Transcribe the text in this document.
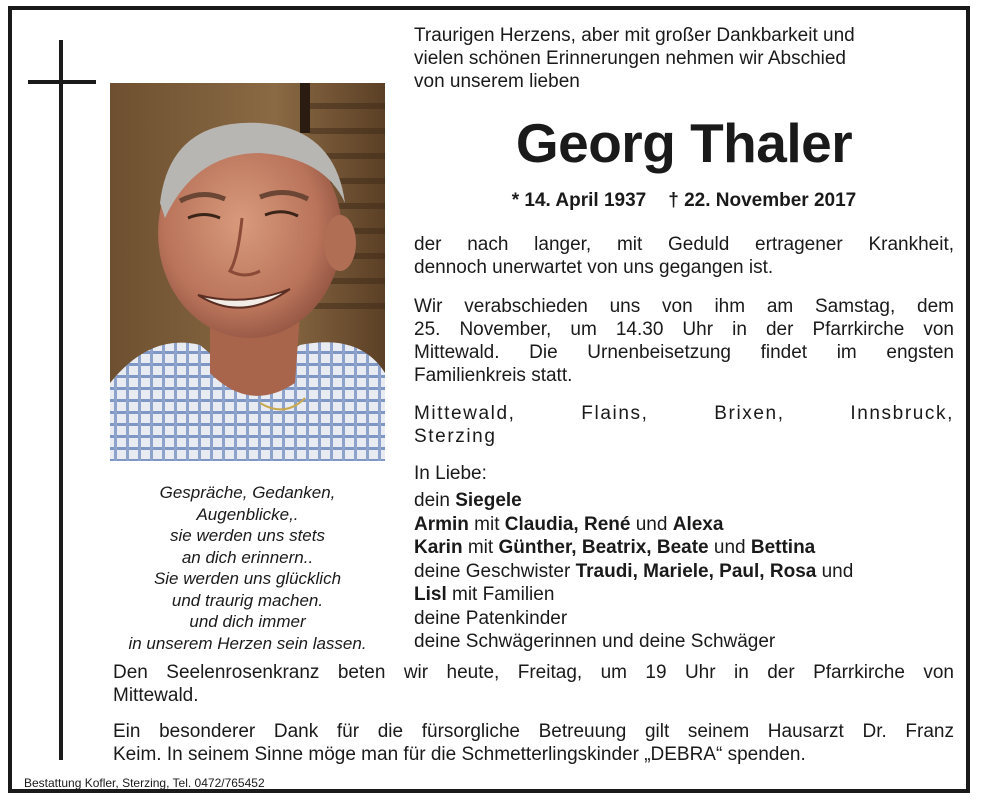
Gespräche, Gedanken,
Augenblicke,.
sie werden uns stets
an dich erinnern..
Sie werden uns glücklich
und traurig machen.
und dich immer
in unserem Herzen sein lassen.
Traurigen Herzens, aber mit großer Dankbarkeit und
vielen schönen Erinnerungen nehmen wir Abschied
von unserem lieben
Georg Thaler
* 14. April 1937 † 22. November 2017
der nach langer, mit Geduld ertragener Krankheit,
dennoch unerwartet von uns gegangen ist.
Wir verabschieden uns von ihm am Samstag, dem
25. November, um 14.30 Uhr in der Pfarrkirche von
Mittewald. Die Urnenbeisetzung findet im engsten
Familienkreis statt.
Mittewald, Flains, Brixen, Innsbruck,
Sterzing
In Liebe:
dein Siegele
Armin mit Claudia, René und Alexa
Karin mit Günther, Beatrix, Beate und Bettina
deine Geschwister Traudi, Mariele, Paul, Rosa und
Lisl mit Familien
deine Patenkinder
deine Schwägerinnen und deine Schwäger
Den Seelenrosenkranz beten wir heute, Freitag, um 19 Uhr in der Pfarrkirche von
Mittewald.
Ein besonderer Dank für die fürsorgliche Betreuung gilt seinem Hausarzt Dr. Franz
Keim. In seinem Sinne möge man für die Schmetterlingskinder „DEBRA“ spenden.
Bestattung Kofler, Sterzing, Tel. 0472/765452
